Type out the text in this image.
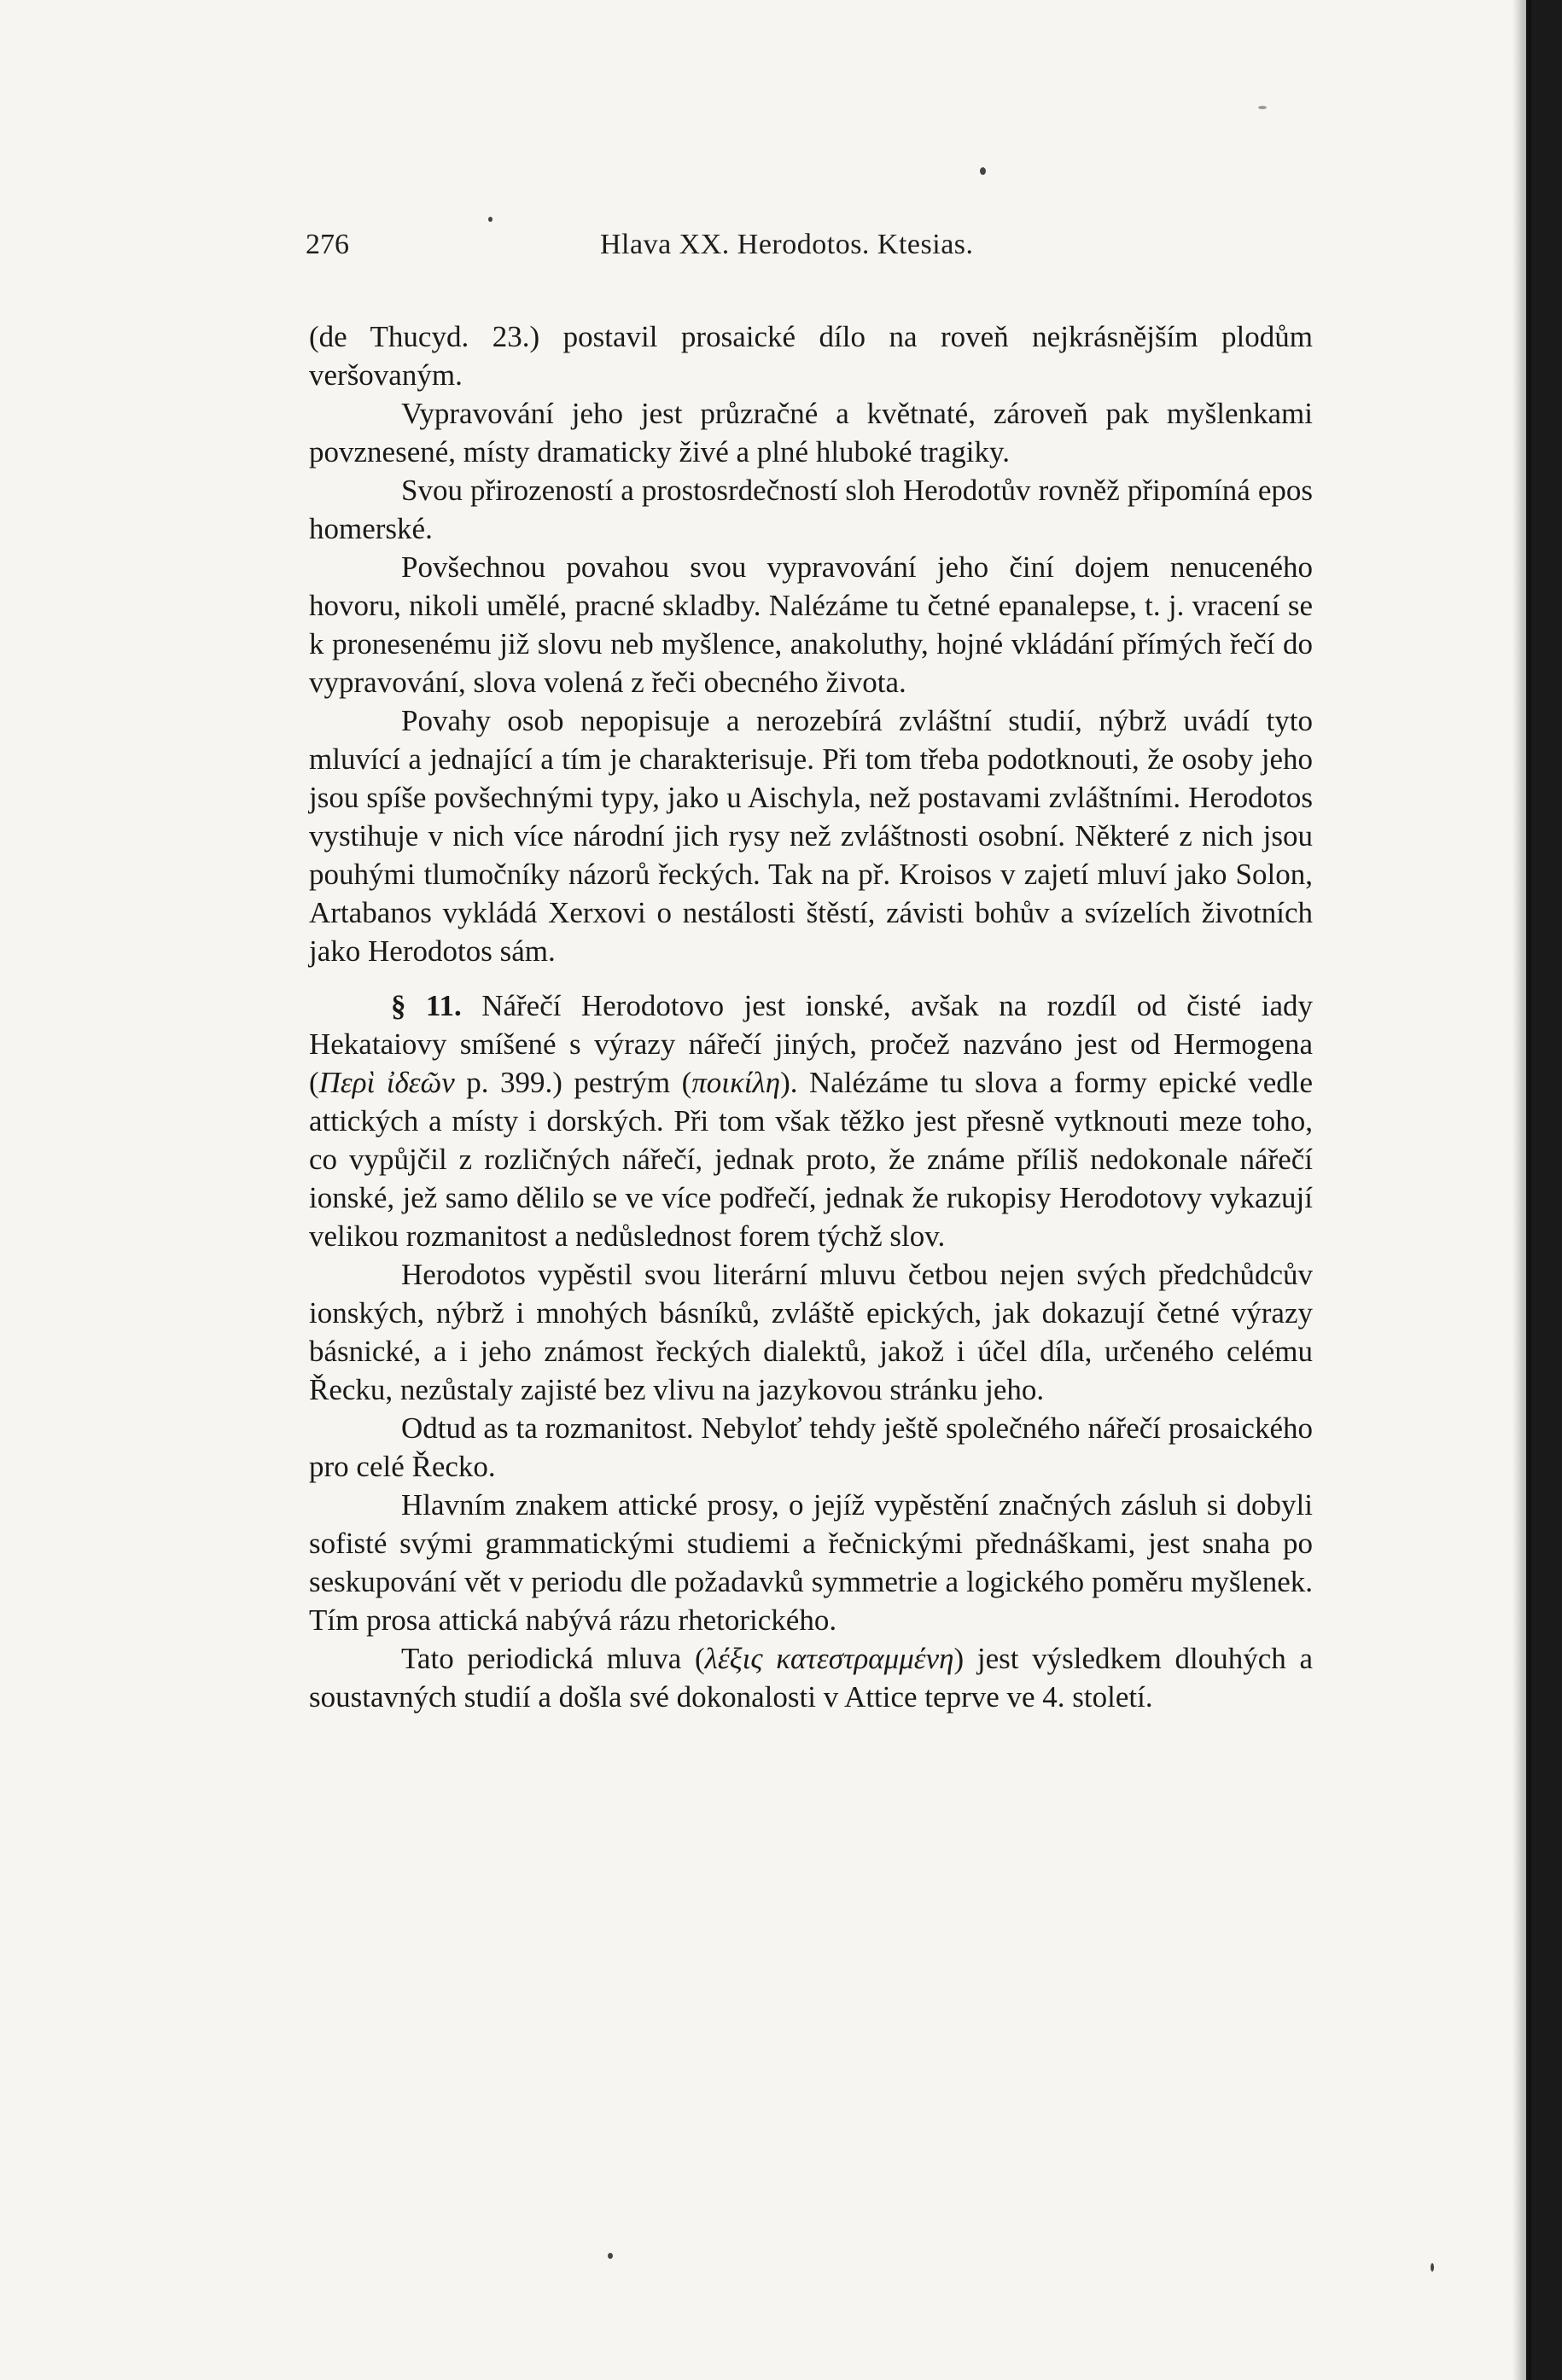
276	Hlava XX. Herodotos. Ktesias.

(de Thucyd. 23.) postavil prosaické dílo na roveň nejkrásnějším plodům veršovaným.

Vypravování jeho jest průzračné a květnaté, zároveň pak myšlenkami povznesené, místy dramaticky živé a plné hluboké tragiky.

Svou přirozeností a prostosrdečností sloh Herodotův rovněž připomíná epos homerské.

Povšechnou povahou svou vypravování jeho činí dojem nenuceného hovoru, nikoli umělé, pracné skladby. Nalézáme tu četné epanalepse, t. j. vracení se k pronesenému již slovu neb myšlence, anakoluthy, hojné vkládání přímých řečí do vypravování, slova volená z řeči obecného života.

Povahy osob nepopisuje a nerozebírá zvláštní studií, nýbrž uvádí tyto mluvící a jednající a tím je charakterisuje. Při tom třeba podotknouti, že osoby jeho jsou spíše povšechnými typy, jako u Aischyla, než postavami zvláštními. Herodotos vystihuje v nich více národní jich rysy než zvláštnosti osobní. Některé z nich jsou pouhými tlumočníky názorů řeckých. Tak na př. Kroisos v zajetí mluví jako Solon, Artabanos vykládá Xerxovi o nestálosti štěstí, závisti bohův a svízelích životních jako Herodotos sám.

§ 11. Nářečí Herodotovo jest ionské, avšak na rozdíl od čisté iady Hekataiovy smíšené s výrazy nářečí jiných, pročež nazváno jest od Hermogena (Περὶ ἰδεῶν p. 399.) pestrým (ποικίλη). Nalézáme tu slova a formy epické vedle attických a místy i dorských. Při tom však těžko jest přesně vytknouti meze toho, co vypůjčil z rozličných nářečí, jednak proto, že známe příliš nedokonale nářečí ionské, jež samo dělilo se ve více podřečí, jednak že rukopisy Herodotovy vykazují velikou rozmanitost a nedůslednost forem týchž slov.

Herodotos vypěstil svou literární mluvu četbou nejen svých předchůdcův ionských, nýbrž i mnohých básníků, zvláště epických, jak dokazují četné výrazy básnické, a i jeho známost řeckých dialektů, jakož i účel díla, určeného celému Řecku, nezůstaly zajisté bez vlivu na jazykovou stránku jeho.

Odtud as ta rozmanitost. Nebyloť tehdy ještě společného nářečí prosaického pro celé Řecko.

Hlavním znakem attické prosy, o jejíž vypěstění značných zásluh si dobyli sofisté svými grammatickými studiemi a řečnickými přednáškami, jest snaha po seskupování vět v periodu dle požadavků symmetrie a logického poměru myšlenek. Tím prosa attická nabývá rázu rhetorického.

Tato periodická mluva (λέξις κατεστραμμένη) jest výsledkem dlouhých a soustavných studií a došla své dokonalosti v Attice teprve ve 4. století.
